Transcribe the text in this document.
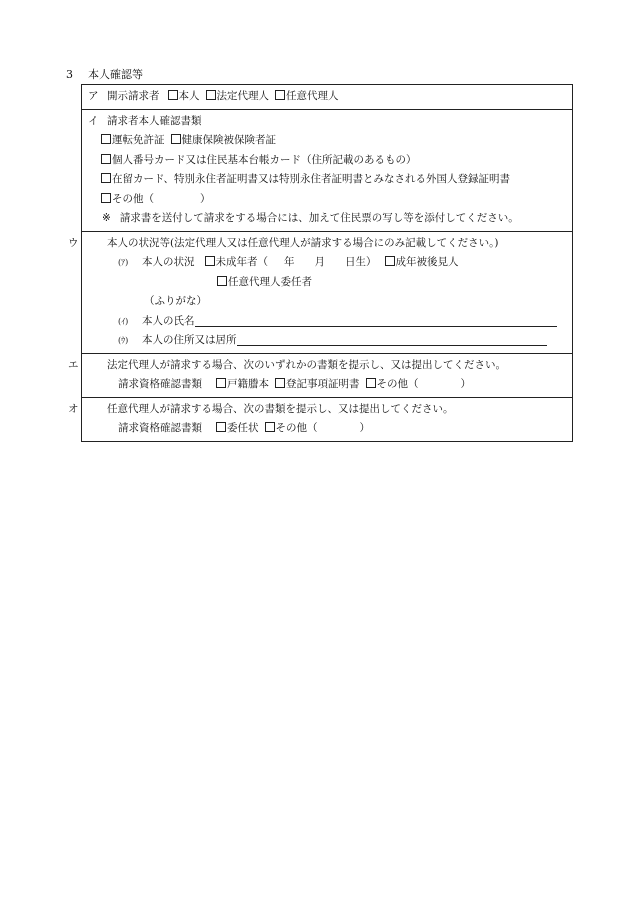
3 本人確認等
ア 開示請求者 本人 法定代理人 任意代理人
イ 請求者本人確認書類
運転免許証 健康保険被保険者証
個人番号カード又は住民基本台帳カード（住所記載のあるもの）
在留カード、特別永住者証明書又は特別永住者証明書とみなされる外国人登録証明書
その他（	）
※ 請求書を送付して請求をする場合には、加えて住民票の写し等を添付してください。
ウ	本人の状況等(法定代理人又は任意代理人が請求する場合にのみ記載してください。)
(ｱ) 本人の状況 未成年者（ 年 月 日生） 成年被後見人
任意代理人委任者
（ふりがな）
(ｲ) 本人の氏名
(ｳ) 本人の住所又は居所
エ	法定代理人が請求する場合、次のいずれかの書類を提示し、又は提出してください。
請求資格確認書類 戸籍謄本 登記事項証明書 その他（	）
オ	任意代理人が請求する場合、次の書類を提示し、又は提出してください。
請求資格確認書類 委任状 その他（	）
